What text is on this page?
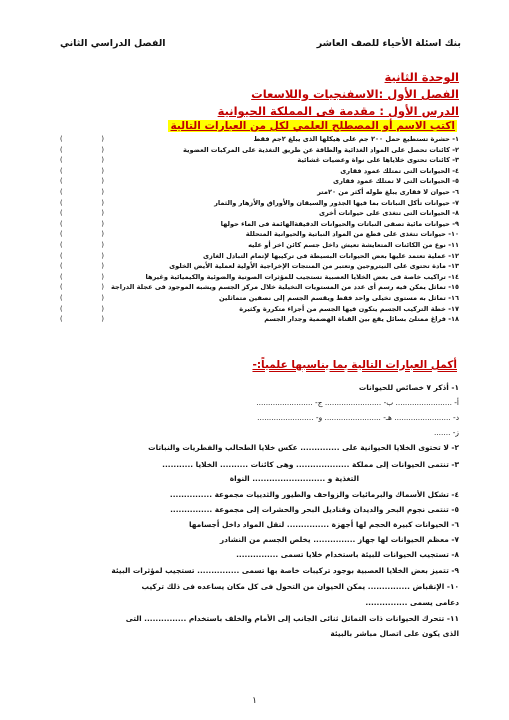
بنك اسئلة الأحياء للصف العاشر
الفصل الدراسي الثاني
الوحدة الثانية
الفصل الأول :الاسفنجيات واللاسعات
الدرس الأول : مقدمة فى المملكة الحيوانية
اكتب الاسم أو المصطلح العلمي لكل من العبارات التالية
١- حشرة تستطيع حمل ٢٠٠ جم على هيكلها الذى يبلغ ٢جم فقط
(	)
٢- كائنات تحصل على المواد الغذائية والطاقة عن طريق التغذية على المركبات العضوية
(	)
٣- كائنات تحتوى خلاياها على نواة وعضيات غشائية
(	)
٤- الحيوانات التى تمتلك عمود فقارى
(	)
٥- الحيوانات التى لا تمتلك عمود فقارى
(	)
٦- حيوان لا فقارى يبلغ طوله أكثر من ٢٠متر
(	)
٧- حيوانات تأكل النباتات بما فيها الجذور والسيقان والأوراق والأزهار والثمار
(	)
٨- الحيوانات التى تتغذى على حيوانات أخرى
(	)
٩- حيوانات مائية تصفى النباتات والحيوانات الدقيقةالهائمة فى الماء حولها
(	)
١٠- حيوانات تتغذى على قطع من المواد النباتية والحيوانية المتحللة
(	)
١١- نوع من الكائنات المتعايشة تعيش داخل جسم كائن اخر أو عليه
(	)
١٢- عملية تعتمد عليها بعض الحيوانات البسيطة فى تركيبها لإتمام التبادل الغازى
(	)
١٣- مادة تحتوى على النيتروجين وتعتبر من المنتجات الإخراجية الأولية لعملية الأيض الخلوى
(	)
١٤- تراكيب خاصة فى بعض الخلايا العصبية تستجيب للمؤثرات الصوتية والضوئية والكيميائية وغيرها
(	)
١٥- تماثل يمكن فيه رسم أى عدد من المستويات التخيلية خلال مركز الجسم ويشبه الموجود فى عجلة الدراجة
(	)
١٦- تماثل به مستوى تخيلى واحد فقط ويقسم الجسم إلى نصفين متماثلين
(	)
١٧- خطة التركيب الجسم يتكون فيها الجسم من أجزاء متكررة وكثيرة
(	)
١٨- فراغ ممتلئ بسائل يقع بين القناة الهضمية وجدار الجسم
(	)
أكمل العبارات التالية بما يناسبها علمياً:-
١- أذكر ٧ خصائص للحيوانات
أ- ........................ ب- ........................ ج- ........................
د- ........................ هـ- ........................ و- ........................
ز- .......
٢- لا تحتوى الخلايا الحيوانية على .............. عكس خلايا الطحالب والفطريات والنباتات
٣- تنتمى الحيوانات إلى مملكة ................... وهى كائنات .......... الخلايا ...........
التغذية و .......................... النواة
٤- تشكل الأسماك والبرمائيات والزواحف والطيور والثدييات مجموعة ...............
٥- تنتمى نجوم البحر والديدان وقناديل البحر والحشرات إلى مجموعة ...............
٦- الحيوانات كبيرة الحجم لها أجهزة ............... لنقل المواد داخل أجسامها
٧- معظم الحيوانات لها جهاز ............... يخلص الجسم من النشادر
٨- تستجيب الحيوانات للبيئة باستخدام خلايا تسمى ...............
٩- تتميز بعض الخلايا العصبية بوجود تركيبات خاصة بها تسمى ............... تستجيب لمؤثرات البيئة
١٠- الإنقباض ............... يمكن الحيوان من التحول فى كل مكان يساعده فى ذلك تركيب
دعامى يسمى ...............
١١- تتحرك الحيوانات ذات التماثل ثنائى الجانب إلى الأمام والخلف باستخدام ............... التى
الذى يكون على اتصال مباشر بالبيئة
١
